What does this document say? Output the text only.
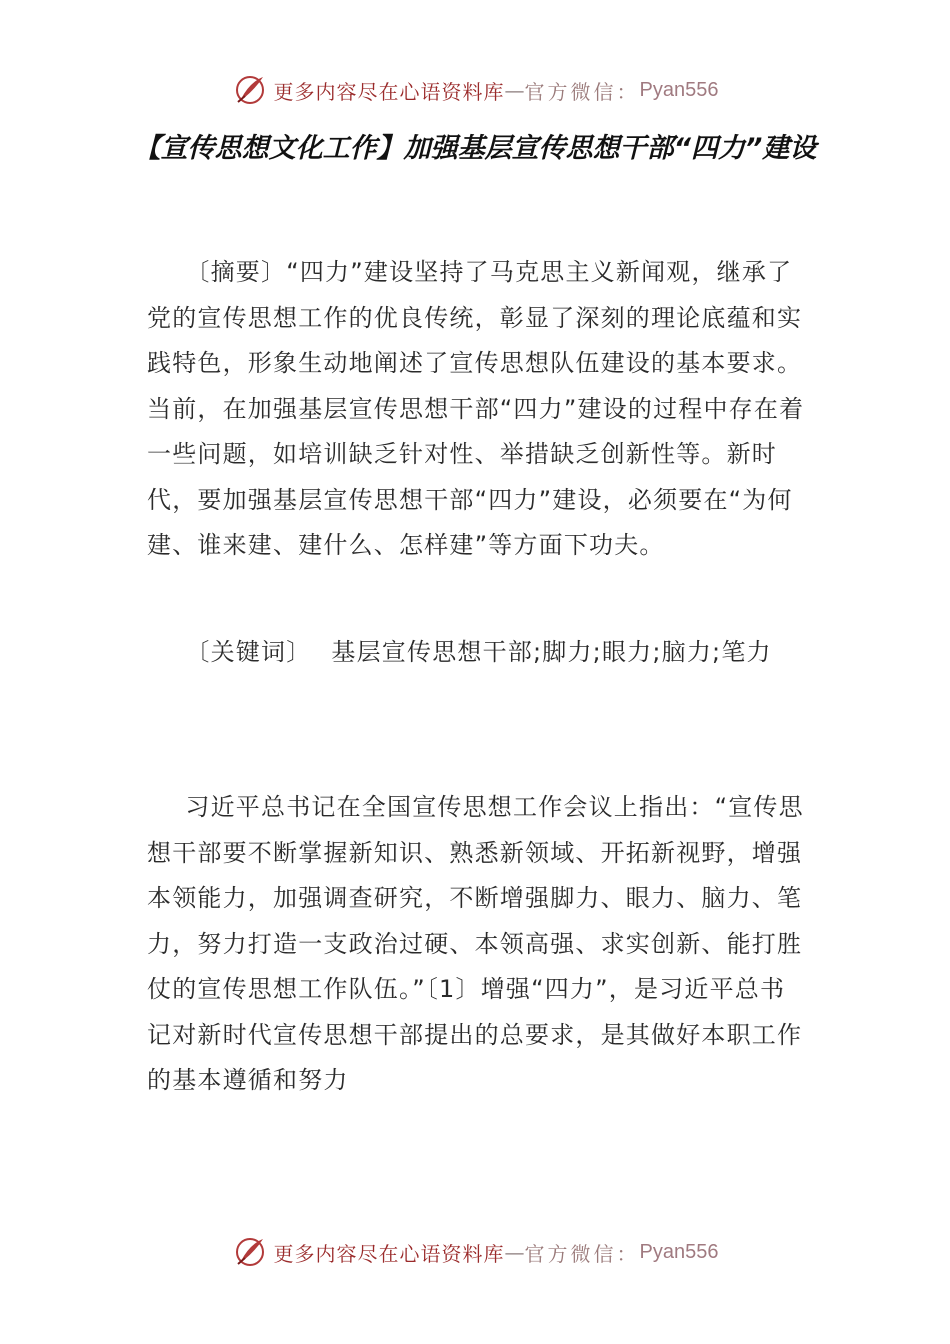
更多内容尽在心语资料库 — 官方微信： Pyan556
【宣传思想文化工作】加强基层宣传思想干部“四力”建设

〔摘要〕“四力”建设坚持了马克思主义新闻观，继承了党的宣传思想工作的优良传统，彰显了深刻的理论底蕴和实践特色，形象生动地阐述了宣传思想队伍建设的基本要求。当前，在加强基层宣传思想干部“四力”建设的过程中存在着一些问题，如培训缺乏针对性、举措缺乏创新性等。新时代，要加强基层宣传思想干部“四力”建设，必须要在“为何建、谁来建、建什么、怎样建”等方面下功夫。

〔关键词〕 基层宣传思想干部;脚力;眼力;脑力;笔力

习近平总书记在全国宣传思想工作会议上指出：“宣传思想干部要不断掌握新知识、熟悉新领域、开拓新视野，增强本领能力，加强调查研究，不断增强脚力、眼力、脑力、笔力，努力打造一支政治过硬、本领高强、求实创新、能打胜仗的宣传思想工作队伍。”〔1〕增强“四力”，是习近平总书记对新时代宣传思想干部提出的总要求，是其做好本职工作的基本遵循和努力

更多内容尽在心语资料库 — 官方微信： Pyan556
